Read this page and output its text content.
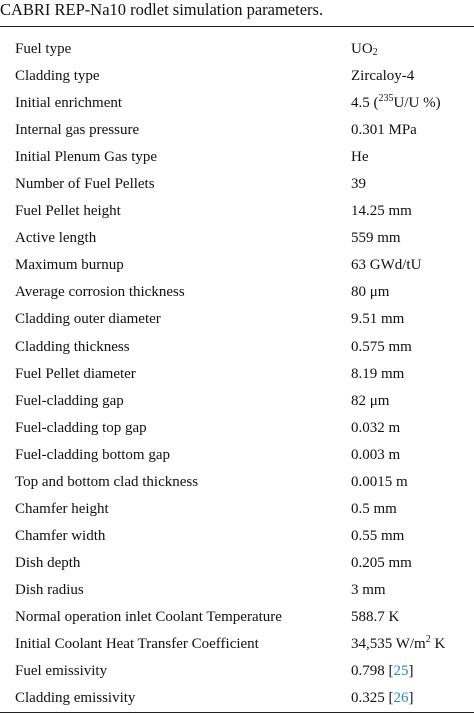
CABRI REP-Na10 rodlet simulation parameters.
Fuel type	$UO_2$
Cladding type	Zircaloy-4
Initial enrichment	4.5 ($^{235}$U/U %)
Internal gas pressure	0.301 MPa
Initial Plenum Gas type	He
Number of Fuel Pellets	39
Fuel Pellet height	14.25 mm
Active length	559 mm
Maximum burnup	63 GWd/tU
Average corrosion thickness	80 μm
Cladding outer diameter	9.51 mm
Cladding thickness	0.575 mm
Fuel Pellet diameter	8.19 mm
Fuel-cladding gap	82 μm
Fuel-cladding top gap	0.032 m
Fuel-cladding bottom gap	0.003 m
Top and bottom clad thickness	0.0015 m
Chamfer height	0.5 mm
Chamfer width	0.55 mm
Dish depth	0.205 mm
Dish radius	3 mm
Normal operation inlet Coolant Temperature	588.7 K
Initial Coolant Heat Transfer Coefficient	34,535 $W/m^2$ K
Fuel emissivity	0.798 [25]
Cladding emissivity	0.325 [26]
